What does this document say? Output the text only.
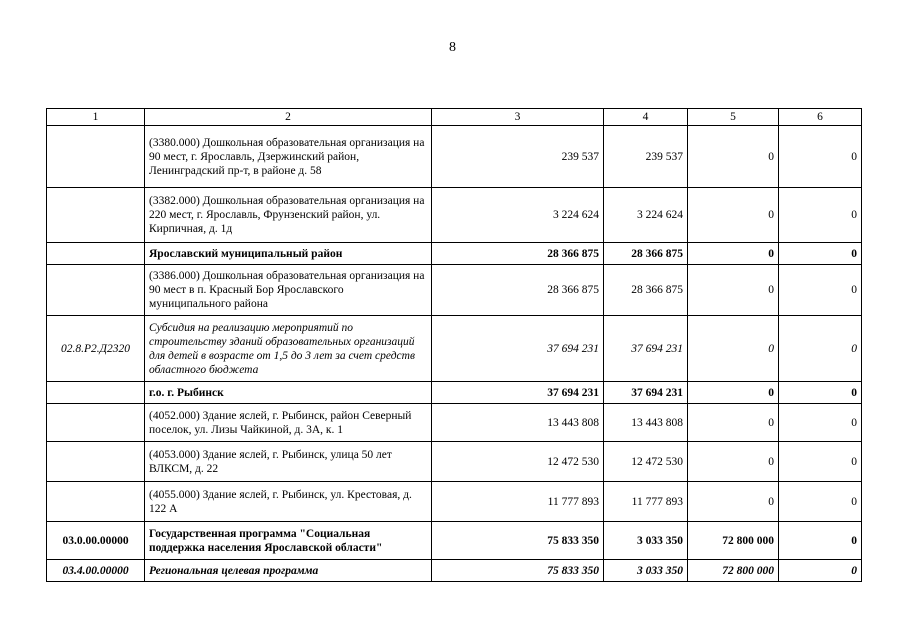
8
1	2	3	4	5	6
	(3380.000) Дошкольная образовательная организация на 90 мест, г. Ярославль, Дзержинский район, Ленинградский пр-т, в районе д. 58	239 537	239 537	0	0
	(3382.000) Дошкольная образовательная организация на 220 мест, г. Ярославль, Фрунзенский район, ул. Кирпичная, д. 1д	3 224 624	3 224 624	0	0
	Ярославский муниципальный район	28 366 875	28 366 875	0	0
	(3386.000) Дошкольная образовательная организация на 90 мест в п. Красный Бор Ярославского муниципального района	28 366 875	28 366 875	0	0
02.8.Р2.Д2320	Субсидия на реализацию мероприятий по строительству зданий образовательных организаций для детей в возрасте от 1,5 до 3 лет за счет средств областного бюджета	37 694 231	37 694 231	0	0
	г.о. г. Рыбинск	37 694 231	37 694 231	0	0
	(4052.000) Здание яслей, г. Рыбинск, район Северный поселок, ул. Лизы Чайкиной, д. 3А, к. 1	13 443 808	13 443 808	0	0
	(4053.000) Здание яслей, г. Рыбинск, улица 50 лет ВЛКСМ, д. 22	12 472 530	12 472 530	0	0
	(4055.000) Здание яслей, г. Рыбинск, ул. Крестовая, д. 122 А	11 777 893	11 777 893	0	0
03.0.00.00000	Государственная программа "Социальная поддержка населения Ярославской области"	75 833 350	3 033 350	72 800 000	0
03.4.00.00000	Региональная целевая программа	75 833 350	3 033 350	72 800 000	0
